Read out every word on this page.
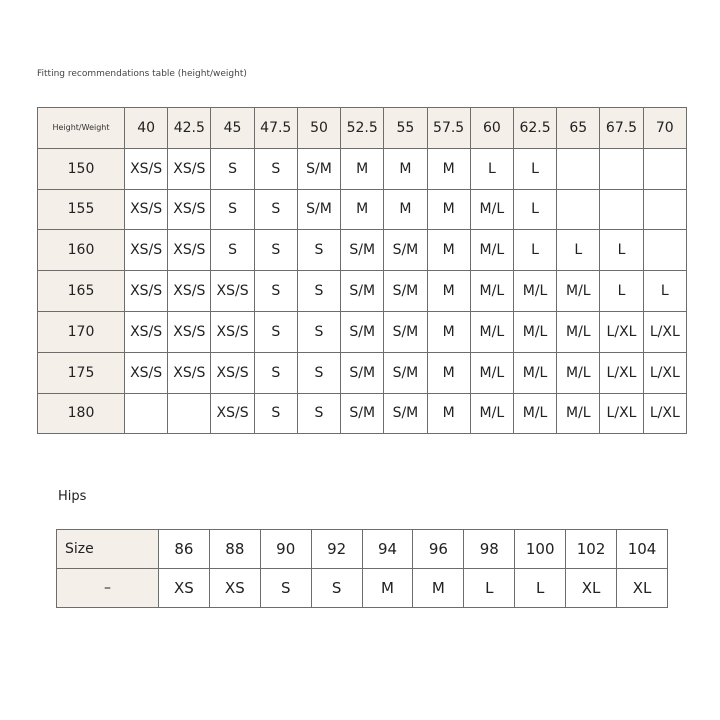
Fitting recommendations table (height/weight)
Height/Weight	40	42.5	45	47.5	50	52.5	55	57.5	60	62.5	65	67.5	70
150	XS/S	XS/S	S	S	S/M	M	M	M	L	L			
155	XS/S	XS/S	S	S	S/M	M	M	M	M/L	L			
160	XS/S	XS/S	S	S	S	S/M	S/M	M	M/L	L	L	L	
165	XS/S	XS/S	XS/S	S	S	S/M	S/M	M	M/L	M/L	M/L	L	L
170	XS/S	XS/S	XS/S	S	S	S/M	S/M	M	M/L	M/L	M/L	L/XL	L/XL
175	XS/S	XS/S	XS/S	S	S	S/M	S/M	M	M/L	M/L	M/L	L/XL	L/XL
180			XS/S	S	S	S/M	S/M	M	M/L	M/L	M/L	L/XL	L/XL
Hips
Size	86	88	90	92	94	96	98	100	102	104
–	XS	XS	S	S	M	M	L	L	XL	XL
